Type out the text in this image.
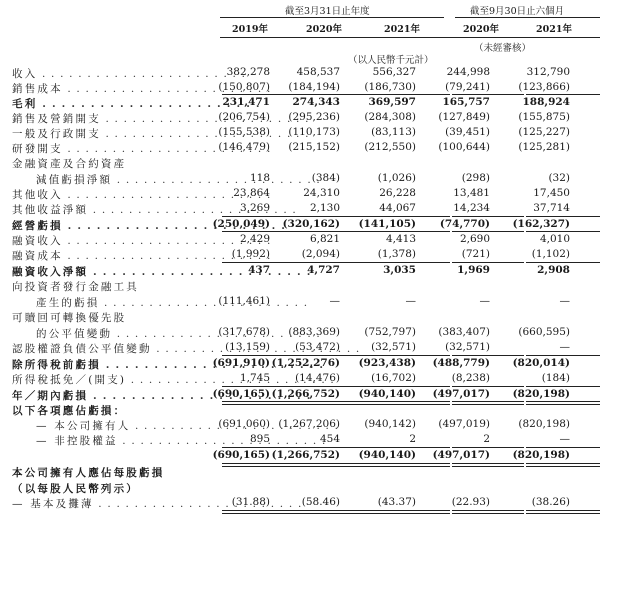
截至3月31日止年度	截至9月30日止六個月
2019年	2020年	2021年	2020年	2021年
（未經審核）
（以人民幣千元計）
收入 . . .	382,278	458,537	556,327	244,998	312,790
銷售成本 . . .	(150,807) (184,194) (186,730)	(79,241)	(123,866)
毛利 . . .	231,471 274,343	369,597	165,757	188,924
銷售及營銷開支 . . .	(206,754) (295,236) (284,308) (127,849)	(155,875)
一般及行政開支 . . .	(155,538) (110,173)	(83,113)	(39,451)	(125,227)
研發開支 . . .	(146,479) (215,152) (212,550) (100,644)	(125,281)
金融資產及合約資產
減值虧損淨額 . . .	118	(384)	(1,026)	(298)	(32)
其他收入 . . .	23,864	24,310	26,228	13,481	17,450
其他收益淨額 . . .	3,269	2,130	44,067	14,234	37,714
經營虧損 . . .	(250,049) (320,162) (141,105) (74,770) (162,327)
融資收入 . . .	2,429	6,821	4,413	2,690	4,010
融資成本 . . .	(1,992)	(2,094)	(1,378)	(721)	(1,102)
融資收入淨額 . . .	437	4,727	3,035	1,969	2,908
向投資者發行金融工具
產生的虧損 . . .	(111,461)	—	—	—	—
可贖回可轉換優先股
的公平值變動 . . .	(317,678) (883,369) (752,797) (383,407)	(660,595)
認股權證負債公平值變動 . . .	(13,159) (53,472)	(32,571)	(32,571)	—
除所得稅前虧損 . . .	(691,910) (1,252,276) (923,438) (488,779) (820,014)
所得稅抵免／(開支) . . .	1,745 (14,476)	(16,702)	(8,238)	(184)
年／期內虧損 . . .	(690,165) (1,266,752) (940,140) (497,017) (820,198)
以下各項應佔虧損：
— 本公司擁有人 . . .	(691,060) (1,267,206) (940,142) (497,019)	(820,198)
— 非控股權益 . . .	895	454	2	2	—
(690,165) (1,266,752) (940,140) (497,017) (820,198)
本公司擁有人應佔每股虧損
（以每股人民幣列示）
— 基本及攤薄 . . .	(31.88)	(58.46)	(43.37)	(22.93)	(38.26)
